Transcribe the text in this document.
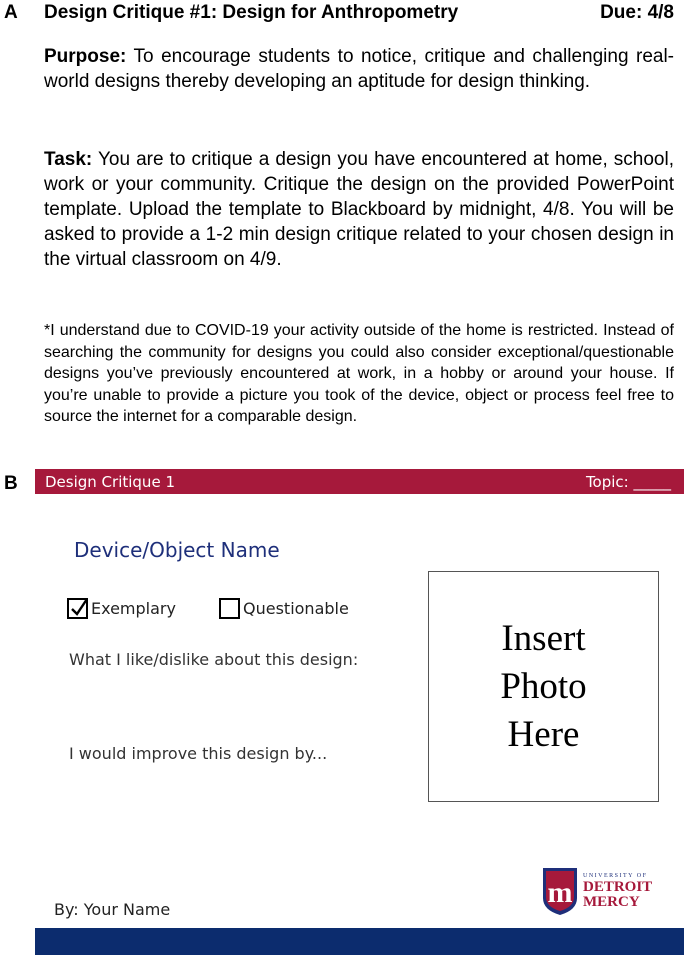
A Design Critique #1: Design for Anthropometry	Due: 4/8
Purpose: To encourage students to notice, critique and challenging real-world designs thereby developing an aptitude for design thinking.
Task: You are to critique a design you have encountered at home, school, work or your community. Critique the design on the provided PowerPoint template. Upload the template to Blackboard by midnight, 4/8. You will be asked to provide a 1-2 min design critique related to your chosen design in the virtual classroom on 4/9.
*I understand due to COVID-19 your activity outside of the home is restricted. Instead of searching the community for designs you could also consider exceptional/questionable designs you’ve previously encountered at work, in a hobby or around your house. If you’re unable to provide a picture you took of the device, object or process feel free to source the internet for a comparable design.
B Design Critique 1	Topic: _____
Device/Object Name
Exemplary	Questionable
What I like/dislike about this design:
I would improve this design by...
Insert
Photo
Here
m UNIVERSITY OF
DETROIT
MERCY
By: Your Name
